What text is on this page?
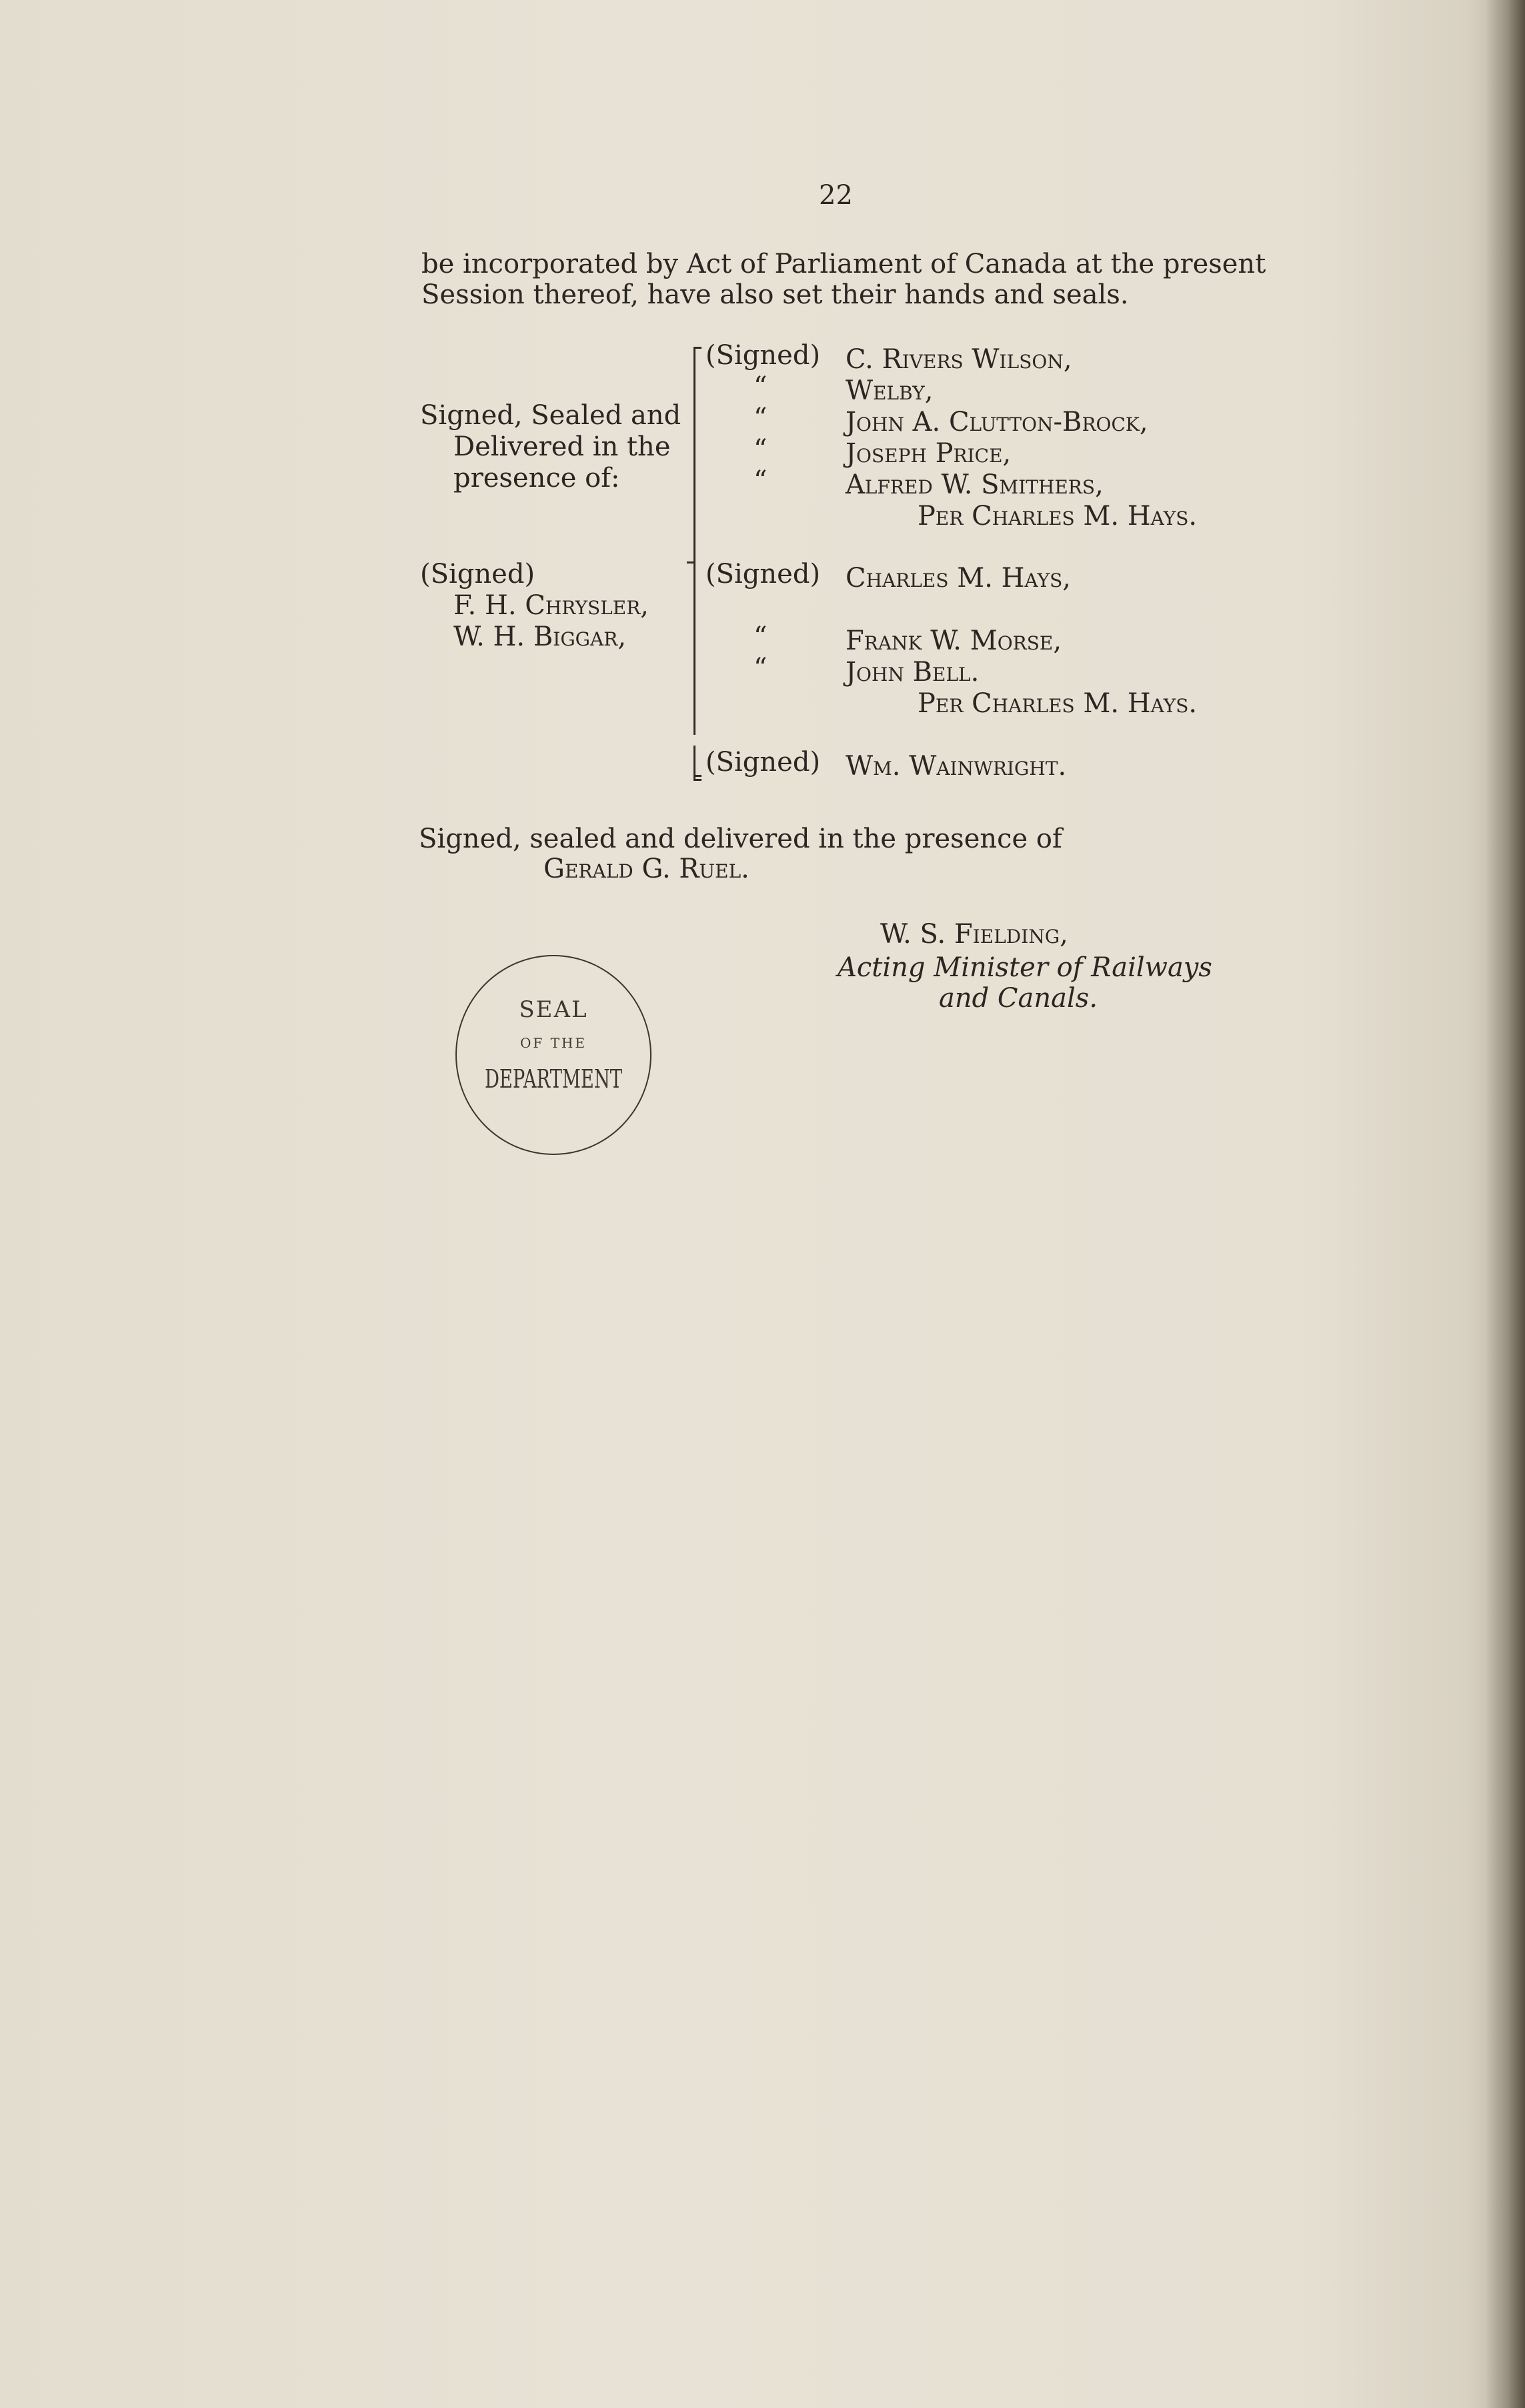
22
be incorporated by Act of Parliament of Canada at the present
Session thereof, have also set their hands and seals.
Signed, Sealed and
Delivered in the
presence of:
(Signed)
F. H. Chrysler,
W. H. Biggar,
(Signed) C. Rivers Wilson,
“	Welby,
“	John A. Clutton-Brock,
“	Joseph Price,
“	Alfred W. Smithers,
Per Charles M. Hays.
(Signed) Charles M. Hays,
“	Frank W. Morse,
“	John Bell.
Per Charles M. Hays.
(Signed) Wm. Wainwright.
Signed, sealed and delivered in the presence of
Gerald G. Ruel.
W. S. Fielding,
Acting Minister of Railways
and Canals.
SEAL
OF THE
DEPARTMENT
